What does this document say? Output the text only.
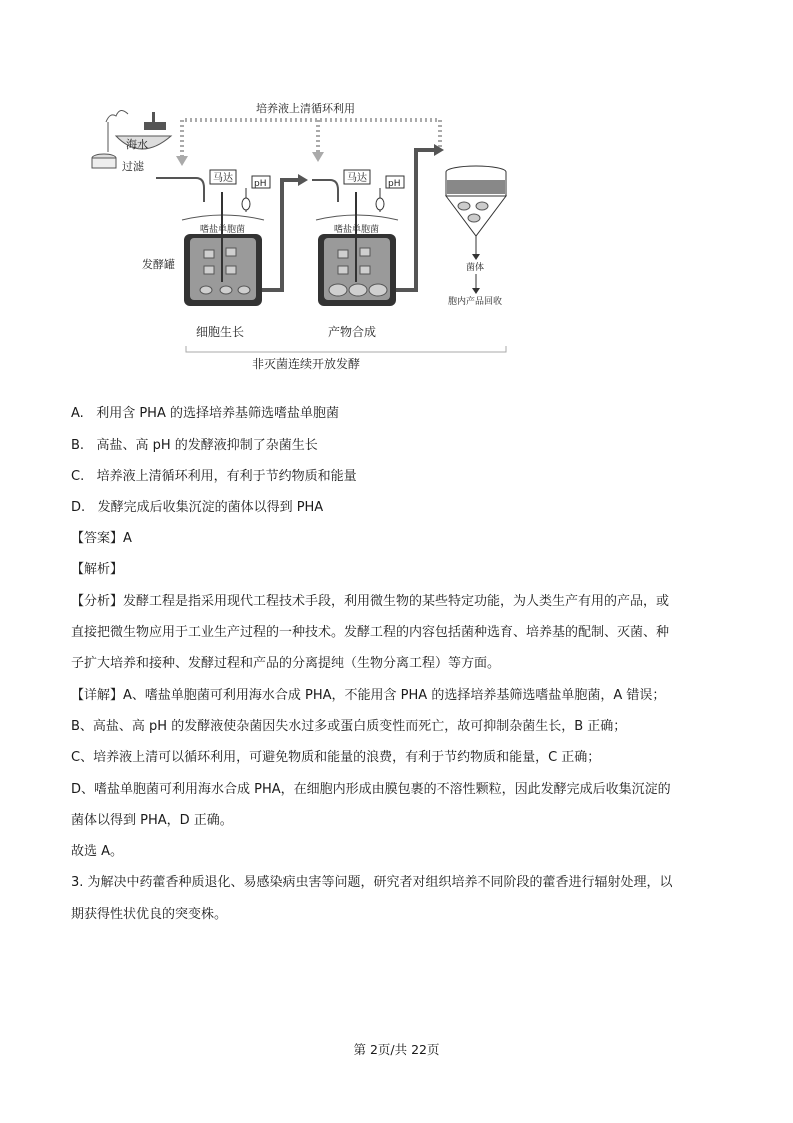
培养液上清循环利用
海水
过滤
马达 pH
嗜盐单胞菌
发酵罐
细胞生长
马达 pH
嗜盐单胞菌
产物合成
菌体
胞内产品回收
非灭菌连续开放发酵
A. 利用含 PHA 的选择培养基筛选嗜盐单胞菌
B. 高盐、高 pH 的发酵液抑制了杂菌生长
C. 培养液上清循环利用，有利于节约物质和能量
D. 发酵完成后收集沉淀的菌体以得到 PHA
【答案】A
【解析】
【分析】发酵工程是指采用现代工程技术手段，利用微生物的某些特定功能，为人类生产有用的产品，或
直接把微生物应用于工业生产过程的一种技术。发酵工程的内容包括菌种选育、培养基的配制、灭菌、种
子扩大培养和接种、发酵过程和产品的分离提纯（生物分离工程）等方面。
【详解】A、嗜盐单胞菌可利用海水合成 PHA，不能用含 PHA 的选择培养基筛选嗜盐单胞菌，A 错误；
B、高盐、高 pH 的发酵液使杂菌因失水过多或蛋白质变性而死亡，故可抑制杂菌生长，B 正确；
C、培养液上清可以循环利用，可避免物质和能量的浪费，有利于节约物质和能量，C 正确；
D、嗜盐单胞菌可利用海水合成 PHA，在细胞内形成由膜包裹的不溶性颗粒，因此发酵完成后收集沉淀的
菌体以得到 PHA，D 正确。
故选 A。
3. 为解决中药藿香种质退化、易感染病虫害等问题，研究者对组织培养不同阶段的藿香进行辐射处理，以
期获得性状优良的突变株。
第 2页/共 22页
